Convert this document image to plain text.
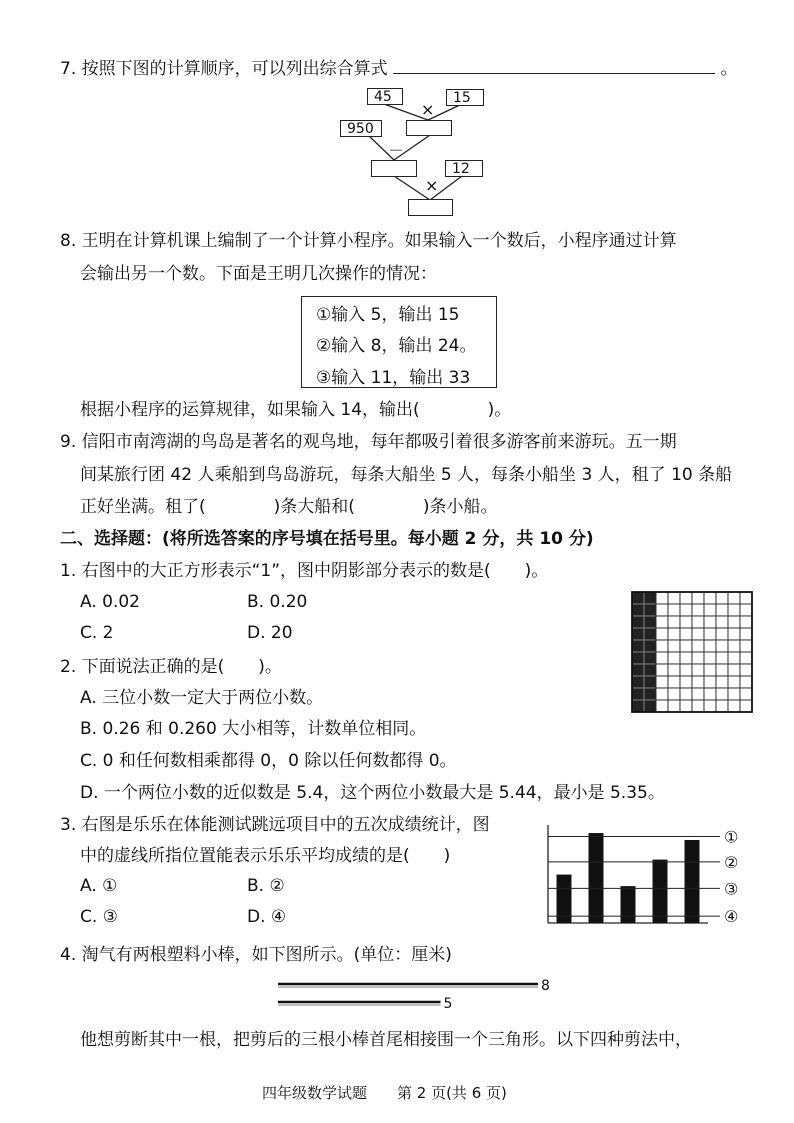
7. 按照下图的计算顺序，可以列出综合算式	。
45	15
×
950
－
12
×
8. 王明在计算机课上编制了一个计算小程序。如果输入一个数后，小程序通过计算
会输出另一个数。下面是王明几次操作的情况：
①输入 5，输出 15
②输入 8，输出 24。
③输入 11，输出 33
根据小程序的运算规律，如果输入 14，输出(　　　　)。
9. 信阳市南湾湖的鸟岛是著名的观鸟地，每年都吸引着很多游客前来游玩。五一期
间某旅行团 42 人乘船到鸟岛游玩，每条大船坐 5 人，每条小船坐 3 人，租了 10 条船
正好坐满。租了(　　　　)条大船和(　　　　)条小船。
二、选择题：(将所选答案的序号填在括号里。每小题 2 分，共 10 分)
1. 右图中的大正方形表示“1”，图中阴影部分表示的数是(　　)。
A. 0.02	B. 0.20
C. 2	D. 20
2. 下面说法正确的是(　　)。
A. 三位小数一定大于两位小数。
B. 0.26 和 0.260 大小相等，计数单位相同。
C. 0 和任何数相乘都得 0，0 除以任何数都得 0。
D. 一个两位小数的近似数是 5.4，这个两位小数最大是 5.44，最小是 5.35。
3. 右图是乐乐在体能测试跳远项目中的五次成绩统计，图
中的虚线所指位置能表示乐乐平均成绩的是(　　)
A. ①	B. ②
C. ③	D. ④
①
②
③
④
4. 淘气有两根塑料小棒，如下图所示。(单位：厘米)
8
5
他想剪断其中一根，把剪后的三根小棒首尾相接围一个三角形。以下四种剪法中，
四年级数学试题　　第 2 页(共 6 页)
